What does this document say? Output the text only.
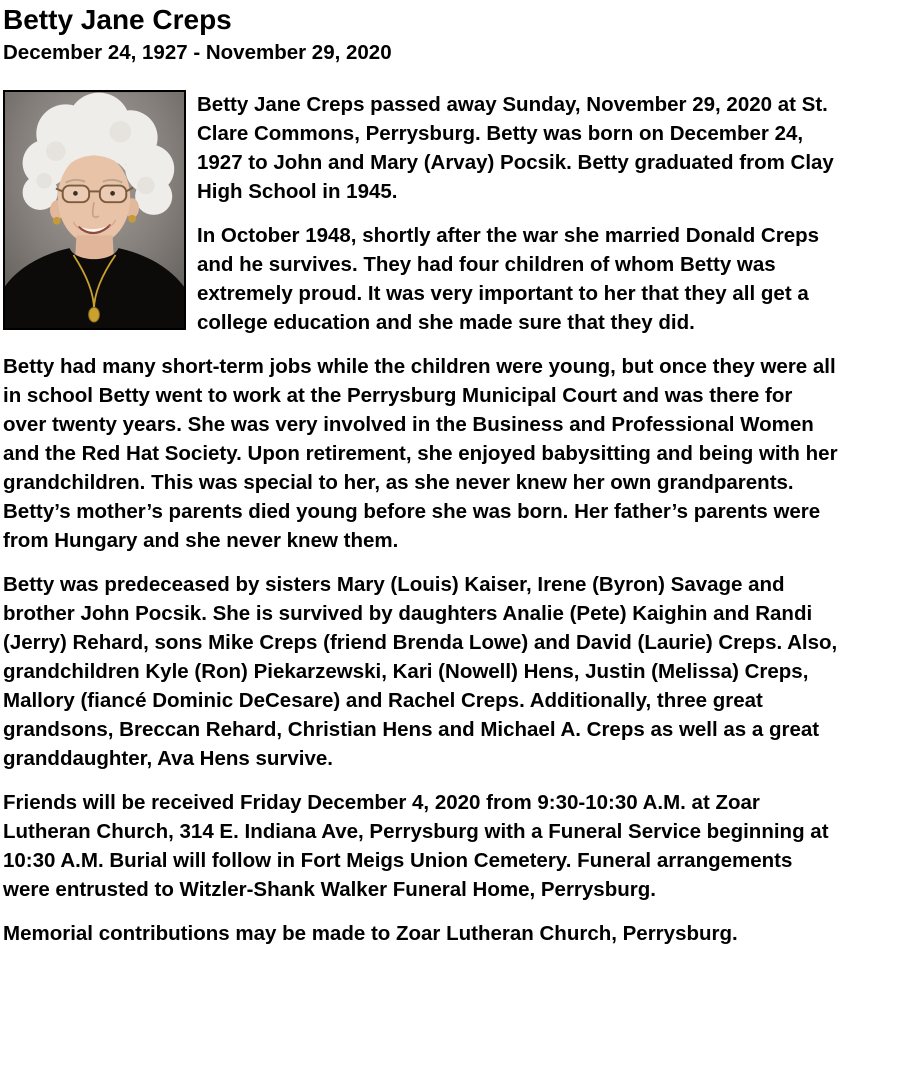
Betty Jane Creps
December 24, 1927 - November 29, 2020

Betty Jane Creps passed away Sunday, November 29, 2020 at St. Clare Commons, Perrysburg. Betty was born on December 24, 1927 to John and Mary (Arvay) Pocsik. Betty graduated from Clay High School in 1945.

In October 1948, shortly after the war she married Donald Creps and he survives. They had four children of whom Betty was extremely proud. It was very important to her that they all get a college education and she made sure that they did.

Betty had many short-term jobs while the children were young, but once they were all in school Betty went to work at the Perrysburg Municipal Court and was there for over twenty years. She was very involved in the Business and Professional Women and the Red Hat Society. Upon retirement, she enjoyed babysitting and being with her grandchildren. This was special to her, as she never knew her own grandparents. Betty’s mother’s parents died young before she was born. Her father’s parents were from Hungary and she never knew them.

Betty was predeceased by sisters Mary (Louis) Kaiser, Irene (Byron) Savage and brother John Pocsik. She is survived by daughters Analie (Pete) Kaighin and Randi (Jerry) Rehard, sons Mike Creps (friend Brenda Lowe) and David (Laurie) Creps. Also, grandchildren Kyle (Ron) Piekarzewski, Kari (Nowell) Hens, Justin (Melissa) Creps, Mallory (fiancé Dominic DeCesare) and Rachel Creps. Additionally, three great grandsons, Breccan Rehard, Christian Hens and Michael A. Creps as well as a great granddaughter, Ava Hens survive.

Friends will be received Friday December 4, 2020 from 9:30-10:30 A.M. at Zoar Lutheran Church, 314 E. Indiana Ave, Perrysburg with a Funeral Service beginning at 10:30 A.M. Burial will follow in Fort Meigs Union Cemetery. Funeral arrangements were entrusted to Witzler-Shank Walker Funeral Home, Perrysburg.

Memorial contributions may be made to Zoar Lutheran Church, Perrysburg.
